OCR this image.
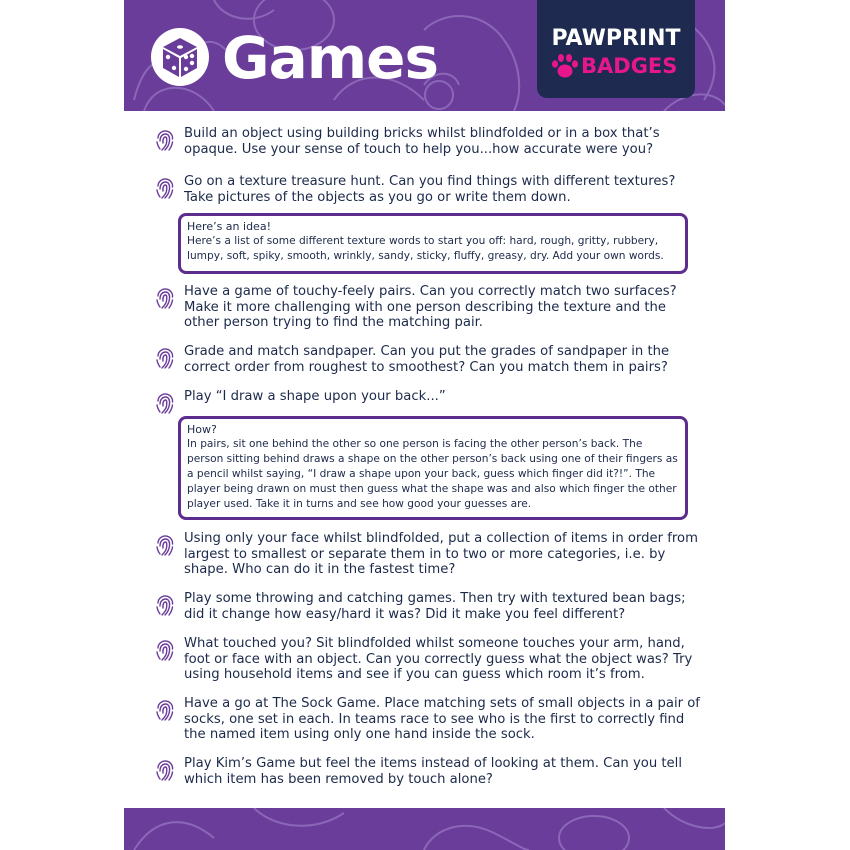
Games	PAWPRINT
BADGES

Build an object using building bricks whilst blindfolded or in a box that’s opaque. Use your sense of touch to help you...how accurate were you?

Go on a texture treasure hunt. Can you find things with different textures? Take pictures of the objects as you go or write them down.

Here’s an idea!

Here’s a list of some different texture words to start you off: hard, rough, gritty, rubbery, lumpy, soft, spiky, smooth, wrinkly, sandy, sticky, fluffy, greasy, dry. Add your own words.

Have a game of touchy-feely pairs. Can you correctly match two surfaces? Make it more challenging with one person describing the texture and the other person trying to find the matching pair.

Grade and match sandpaper. Can you put the grades of sandpaper in the correct order from roughest to smoothest? Can you match them in pairs?

Play “I draw a shape upon your back...”

How?

In pairs, sit one behind the other so one person is facing the other person’s back. The person sitting behind draws a shape on the other person’s back using one of their fingers as a pencil whilst saying, “I draw a shape upon your back, guess which finger did it?!”. The player being drawn on must then guess what the shape was and also which finger the other player used. Take it in turns and see how good your guesses are.

Using only your face whilst blindfolded, put a collection of items in order from largest to smallest or separate them in to two or more categories, i.e. by shape. Who can do it in the fastest time?

Play some throwing and catching games. Then try with textured bean bags; did it change how easy/hard it was? Did it make you feel different?

What touched you? Sit blindfolded whilst someone touches your arm, hand, foot or face with an object. Can you correctly guess what the object was? Try using household items and see if you can guess which room it’s from.

Have a go at The Sock Game. Place matching sets of small objects in a pair of socks, one set in each. In teams race to see who is the first to correctly find the named item using only one hand inside the sock.

Play Kim’s Game but feel the items instead of looking at them. Can you tell which item has been removed by touch alone?
